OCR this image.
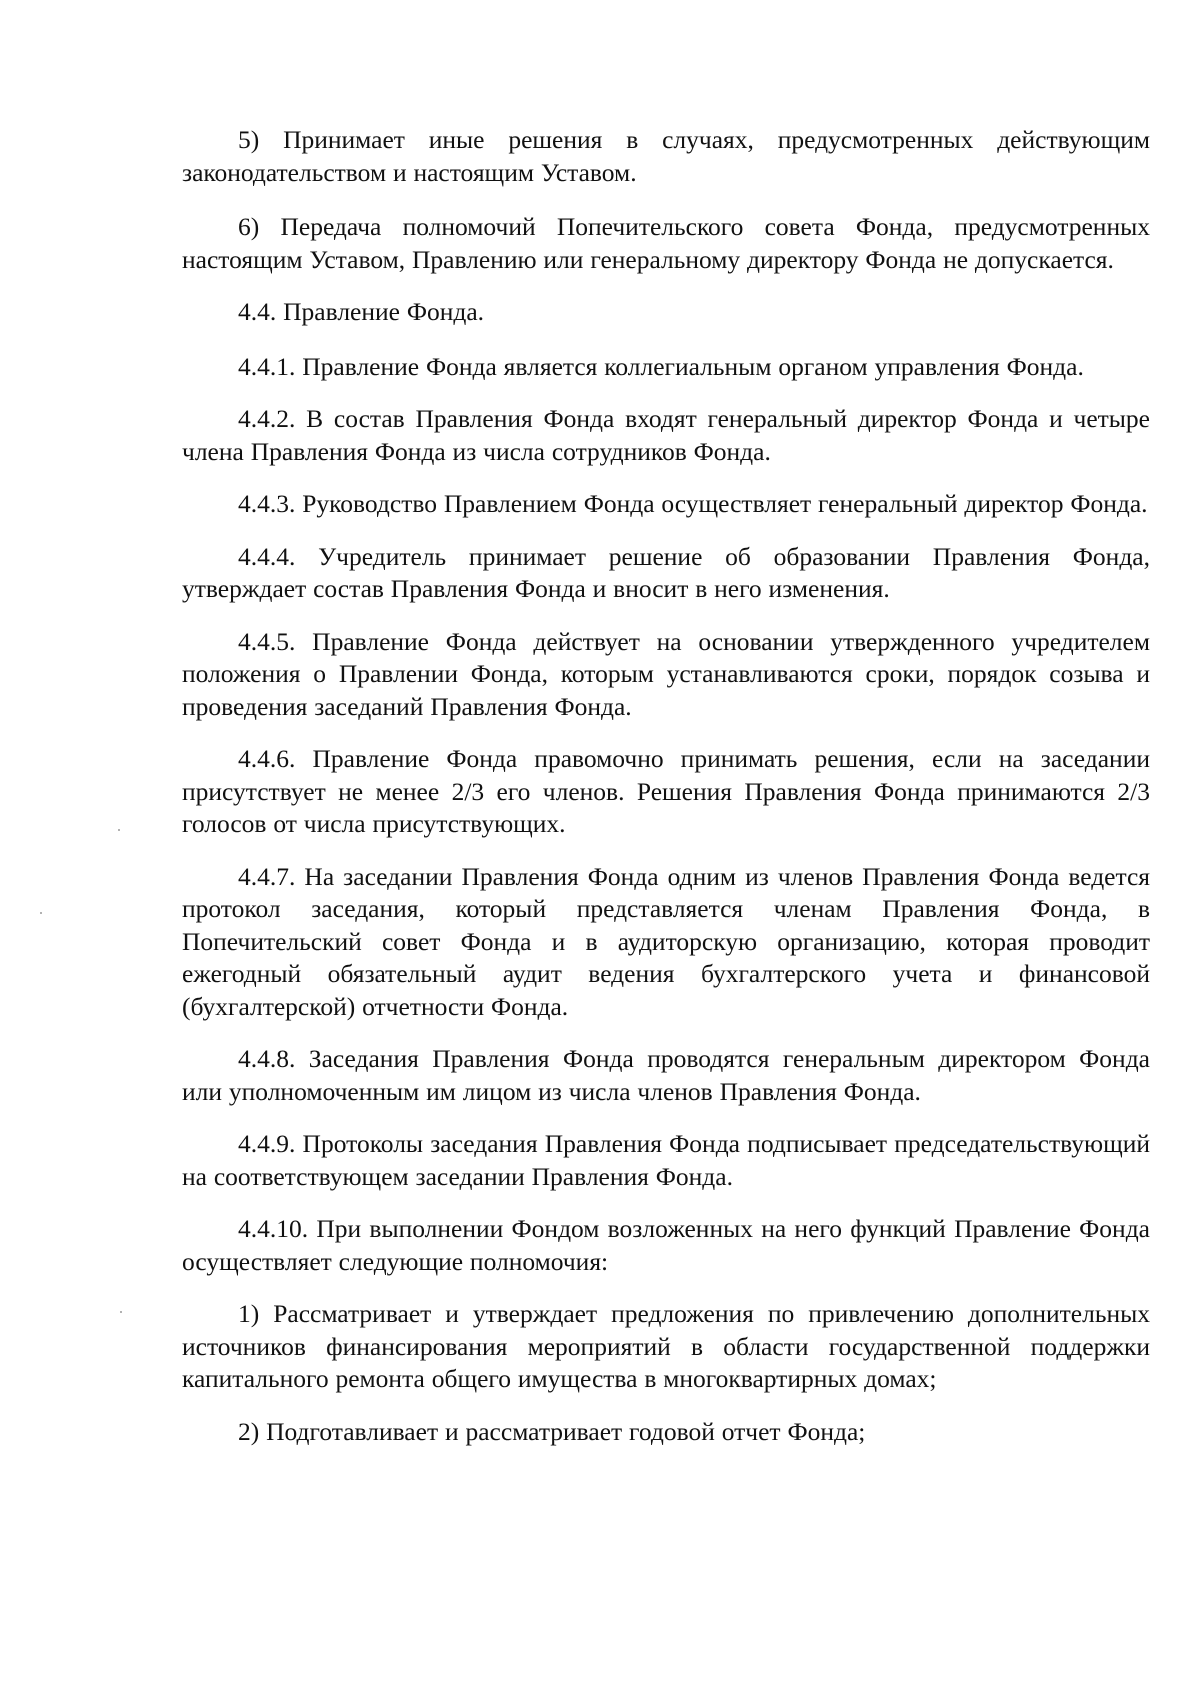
5) Принимает иные решения в случаях, предусмотренных действующим законодательством и настоящим Уставом.

6) Передача полномочий Попечительского совета Фонда, предусмотренных настоящим Уставом, Правлению или генеральному директору Фонда не допускается.

4.4. Правление Фонда.

4.4.1. Правление Фонда является коллегиальным органом управления Фонда.

4.4.2. В состав Правления Фонда входят генеральный директор Фонда и четыре члена Правления Фонда из числа сотрудников Фонда.

4.4.3. Руководство Правлением Фонда осуществляет генеральный директор Фонда.

4.4.4. Учредитель принимает решение об образовании Правления Фонда, утверждает состав Правления Фонда и вносит в него изменения.

4.4.5. Правление Фонда действует на основании утвержденного учредителем положения о Правлении Фонда, которым устанавливаются сроки, порядок созыва и проведения заседаний Правления Фонда.

4.4.6. Правление Фонда правомочно принимать решения, если на заседании присутствует не менее 2/3 его членов. Решения Правления Фонда принимаются 2/3 голосов от числа присутствующих.

4.4.7. На заседании Правления Фонда одним из членов Правления Фонда ведется протокол заседания, который представляется членам Правления Фонда, в Попечительский совет Фонда и в аудиторскую организацию, которая проводит ежегодный обязательный аудит ведения бухгалтерского учета и финансовой (бухгалтерской) отчетности Фонда.

4.4.8. Заседания Правления Фонда проводятся генеральным директором Фонда или уполномоченным им лицом из числа членов Правления Фонда.

4.4.9. Протоколы заседания Правления Фонда подписывает председательствующий на соответствующем заседании Правления Фонда.

4.4.10. При выполнении Фондом возложенных на него функций Правление Фонда осуществляет следующие полномочия:

1) Рассматривает и утверждает предложения по привлечению дополнительных источников финансирования мероприятий в области государственной поддержки капитального ремонта общего имущества в многоквартирных домах;

2) Подготавливает и рассматривает годовой отчет Фонда;
